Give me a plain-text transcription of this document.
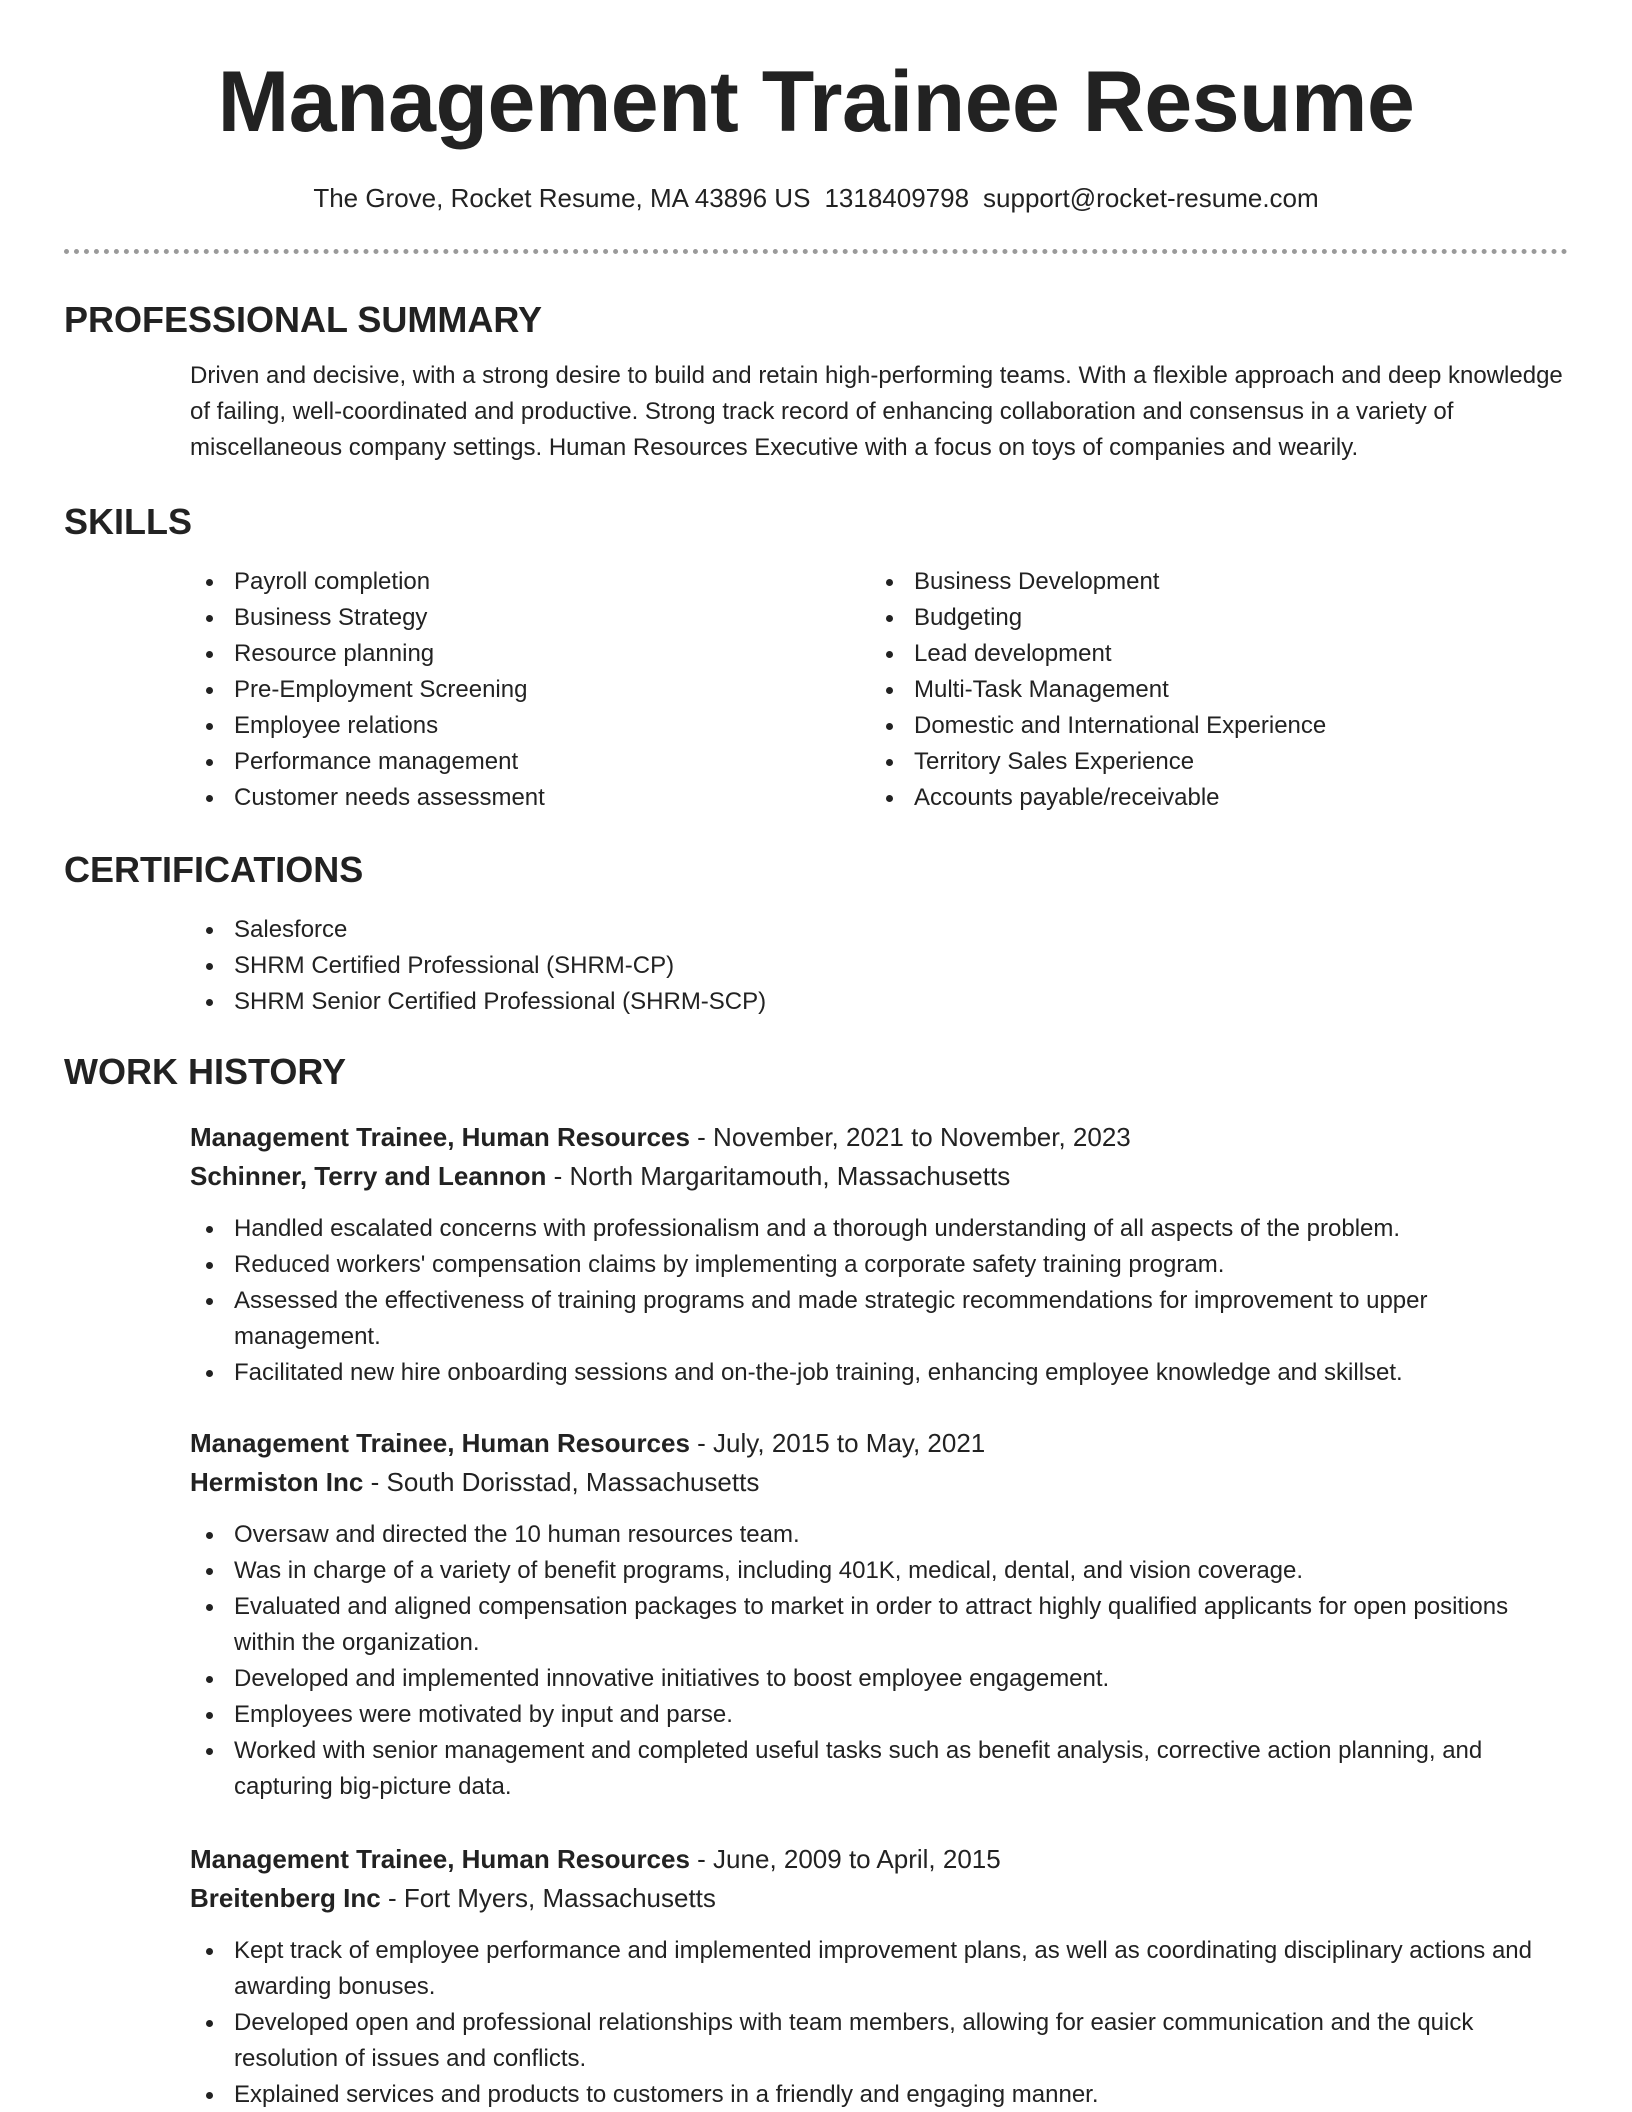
Management Trainee Resume
The Grove, Rocket Resume, MA 43896 US 1318409798 support@rocket-resume.com
PROFESSIONAL SUMMARY

Driven and decisive, with a strong desire to build and retain high-performing teams. With a flexible approach and deep knowledge of failing, well-coordinated and productive. Strong track record of enhancing collaboration and consensus in a variety of miscellaneous company settings. Human Resources Executive with a focus on toys of companies and wearily.

SKILLS
Payroll completion
Business Strategy
Resource planning
Pre-Employment Screening
Employee relations
Performance management
Customer needs assessment
Business Development
Budgeting
Lead development
Multi-Task Management
Domestic and International Experience
Territory Sales Experience
Accounts payable/receivable
CERTIFICATIONS
Salesforce
SHRM Certified Professional (SHRM-CP)
SHRM Senior Certified Professional (SHRM-SCP)
WORK HISTORY
Management Trainee, Human Resources - November, 2021 to November, 2023
Schinner, Terry and Leannon - North Margaritamouth, Massachusetts
Handled escalated concerns with professionalism and a thorough understanding of all aspects of the problem.
Reduced workers' compensation claims by implementing a corporate safety training program.
Assessed the effectiveness of training programs and made strategic recommendations for improvement to upper management.
Facilitated new hire onboarding sessions and on-the-job training, enhancing employee knowledge and skillset.
Management Trainee, Human Resources - July, 2015 to May, 2021
Hermiston Inc - South Dorisstad, Massachusetts
Oversaw and directed the 10 human resources team.
Was in charge of a variety of benefit programs, including 401K, medical, dental, and vision coverage.
Evaluated and aligned compensation packages to market in order to attract highly qualified applicants for open positions within the organization.
Developed and implemented innovative initiatives to boost employee engagement.
Employees were motivated by input and parse.
Worked with senior management and completed useful tasks such as benefit analysis, corrective action planning, and capturing big-picture data.
Management Trainee, Human Resources - June, 2009 to April, 2015
Breitenberg Inc - Fort Myers, Massachusetts
Kept track of employee performance and implemented improvement plans, as well as coordinating disciplinary actions and awarding bonuses.
Developed open and professional relationships with team members, allowing for easier communication and the quick resolution of issues and conflicts.
Explained services and products to customers in a friendly and engaging manner.
